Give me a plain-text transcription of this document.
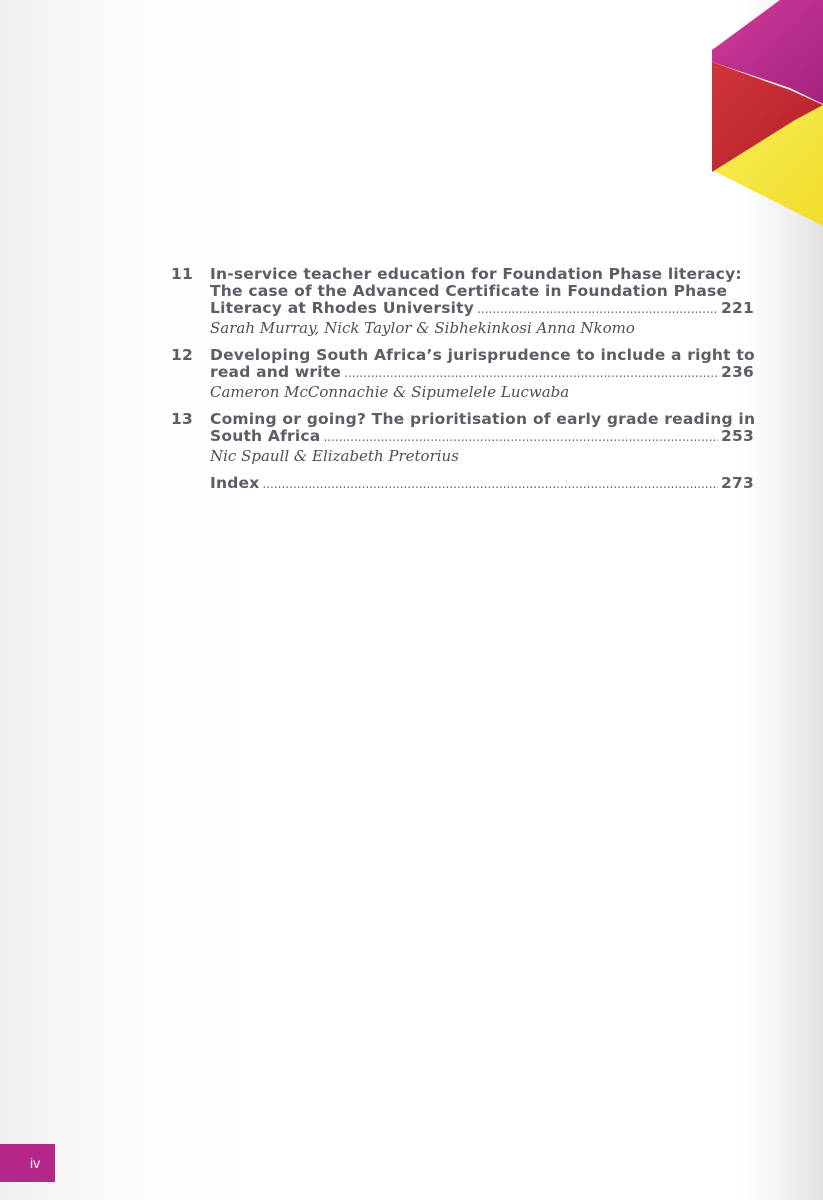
11	In-service teacher education for Foundation Phase literacy:
The case of the Advanced Certificate in Foundation Phase
Literacy at Rhodes University .....	221
Sarah Murray, Nick Taylor & Sibhekinkosi Anna Nkomo
12	Developing South Africa’s jurisprudence to include a right to
read and write .....	236
Cameron McConnachie & Sipumelele Lucwaba
13	Coming or going? The prioritisation of early grade reading in
South Africa .....	253
Nic Spaull & Elizabeth Pretorius
Index .....	273
iv
